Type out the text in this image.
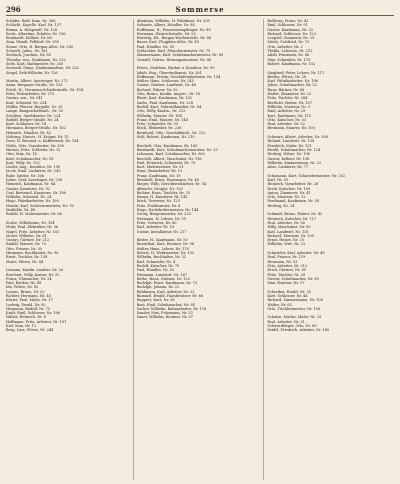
296	Sommerse
Schäfer, Reiß. Kam. Nr. 266
Schlicht, Kapelle. Karl. Nr. 137
Emma, A. Hohpendl. Nr. 128
Seele, Albertine, Eckdstr. Nr. 136
Reinhardt, Kellner, Nr. 68
Sinn, Wendt. Pelldorf. Nr. 189
Sonne, Otto, H. Bergau-Allee. Nr. 280
Schroth, Julius, Nr. 161
Seebach, Joachim, Nr. 80
Theodor, sen., Kaufmann, Nr. 232
Seile, Karl, Maßmeister, Nr. 250
Seewald, Marg., Kaufmannsfrau, Nr. 232
Siegel, Erik-Wilhelm, Nr. 126
Martin, Albert, Aussteiger, Nr. 272
Anna, Bergauer Straße, Nr. 155
Fröch, H., Hermann-Schiefestraße. Nr. 154
Fritz, Holzarbeiter, Nr. 273
Gustav, sen., Nr. 241
Karl, Schmied, Nr. 234
Müller, Pfarrer, Bergalle, Nr. 25
Lange, Baugeschäftsinh., Nr. 53
Schultze, Spedikateur, Nr. 224
Rudolf, Berger-Straße, Nr. 24
Kurt, Schlosser, Nr. 18
Hermann, Berger-Straße, Nr. 162
Heinrich, Händler, Nr. 42
Nehring, Haustr., H. Kröger, Nr. 15
Dora, H. Brennst. u. Kaffeewerk. Nr. 184
Nehls, Otto, Vorarbeiter, Nr. 300
Werner, Fritz, Schleifer, Nr. 12
Otto, Max, Nr. 16
Kurt, Schuhmacher, Nr. 58
Karl, Willy, Nr. 120
Lieder, Aug., Konditor, Nr. 190
Jacob, Emil, Lackierer, Nr. 143
Ruhr, Sattler, Nr. 166
Julius, Graf, Aussteiger, Nr. 256
Heinrich, Kaufmann, Nr. 84
Gustav, Kassierer, Nr. 92
Carl, Bertrand, Kassierer, Nr. 180
Wilhelm, Schmied, Nr. 24
Hugo, Fabrikarbeiter, Nr. 190
Martin, Karl, Schlossermeister, Nr. 76
Mathilde, Nr. 48
Rudolf, H. Malermeister, Nr. 66
Stolze, Wilhelmine, Nr. 154
Mohr, Paul, Elektriker, Nr. 36
Nagel, Fritz, Arbeiter, Nr. 103
Moser, Wilhelm, Nr. 61
Gustav, Gärtner, Nr. 212
Rudolf, Maurer, Nr. 70
Otto, Friseur, Nr. 30
Hermann, Buchbinder, Nr. 96
Ernst, Tischler, Nr. 138
Marie, Witwe, Nr. 84
Lemann, Kaufm. Landstr. Nr. 26
Borchert, Willy, Kantor, Nr. 92
Franz, Uhrmacher, Nr. 24
Paul, Bäcker, Nr. 49
Ida, Witwe, Nr. 82
Lorenz, Bruno, Nr. 52
Richter, Hermann, Nr. 45
Küster, Paul, Maler, Nr. 17
Ludwig, Ewald, Nr. 82
Heymann, Rudolf, Nr. 75
Kraft, Emil, Schlosser, Nr. 196
Walter, Heinrich, Nr. 8
Hoffmann, Fritz, Arbeiter, Nr. 101
Kiel, Max, Nr. 12
Berg, Lina, Witwe, Nr. 244
Abraham, Wilhelm, H. Fabrikant. Nr. 209
Schwarz, Albert, Händler, Nr. 88
Hoffmann, H., Pensionsempfänger. Nr. 88
Hermann, Heinrichstraße, Nr. 55
Hartwig, Ed., Bergau-Wachtstraße. Nr. 88
Bauer, Karl, Flugplatz-Allee, Nr. 43
Paul, Händler, Nr. 30
Schlachter, Karl, Fleischermeister. Nr. 79
Zimmermann, Karl, Schuhmachermeister. Nr. 89
Oswald, Ostrau, Heizungsmonteur. Nr. 86
Peters, Matthias, Bäcker u. Konditor. Nr. 99
Jakob, Eug., Oberstudienrat, Nr. 281
Hoffmann, Frieda, Geschäftsinhaberin. Nr. 154
Walter, Hans, Schlosser, Nr. 245
Gustav, Gärtner, Landwirt, Nr. 48
Richard, Fahrer, Nr. 62
Otto, Bruno, Kaufm. Angest., Nr. 16
Ebert, Karl, Kaufmann, Nr. 152
Sachs, Paul, Kaufmann, Nr. 228
Rudolf, Kurt, Fahrradhändler, Nr. 84
Otto, Willy, Kaufm., Nr. 212
Wilhelm, Maurer, Nr. 184
Franz, Emil, Maurer, Nr. 148
Fritz, Schneider, Nr. 15
Erich, Elektriker, Nr. 238
Bernhard, Otto, Geschäftsinh., Nr. 222
Wolf, Robert, Kaufmann, Nr. 210
Reichelt, Otto, Kaufmann, Nr. 165
Reinhardt, Kurt, Schuhmachermeister, Nr. 23
Lehmann, Karl, Schuhmacher, Nr. 300
Reichelt, Albert, Maschinist, Nr. 116
Paul, Heinrich, Schneider, Nr. 79
Kurt, Malermeister, Nr. 51
Hans, Bauarbeiter, Nr. 13
Franz, Kaufmann, Nr. 19
Reinhold, Ernst, Hausmann, Nr. 48
Rieger, Willy, Gerichtsvollzieher, Nr. 54
Albrecht, Drogist, Nr. 120
Richter, Hans, Tischler, Nr. 25
Emma, H. Kassierer, Nr. 145
Erich, Vertreter, Nr. 123
Fritz, Postbeamter, Nr. 8
Hugo, Dachdeckermeister, Nr. 144
Georg, Bürgermeister, Nr. 225
Hermann, H. Lehrer, Nr. 59
Fritz, Vertreter, Nr. 60
Karl, Arbeiter, Nr. 18
Gustav, Installateur, Nr. 217
Rösler, H., Kaufmann, Nr. 50
Rosenthal, Kurt, Rentner, Nr. 98
Walter, Hans, Lehrer, Nr. 178
Robert, H. Werkmeister, Nr. 103
Wilhelm, Buchhalter, Nr. 32
Karl, Schneider, Nr. 4
Rudolf, Kutscher, Nr. 70
Paul, Händler, Nr. 33
Hermann, Landwirt, Nr. 167
Rothe, Hans, Gärtner, Nr. 122
Rudolph, Ernst, Kaufmann, Nr. 73
Rudolph, Johann, Nr. 22
Rühlmann, Karl, Arbeiter, Nr. 22
Rummel, Ewald, Hausbesitzer, Nr. 66
Ruppert, Kurt, Nr. 38
Rust, Emil, Schuhmacher, Nr. 94
Sacher, Wilhelm, Bahnarbeiter, Nr. 116
Sander, Max, Fuhrmann, Nr. 52
Sauer, Wilhelm, Rentner, Nr. 97
Roßberg, Franz, Nr. 42
Emil, Schlosser, Nr. 91
Gustav, Kaufmann, Nr. 33
Richard, Schlosser, Nr. 123
Leopold, Zimmerer, Nr. 20
Mieth, Gottfried, Nr. 73
Otto, Arbeiter, Nr. 2
Thekla, Lehrerin, Nr. 212
Adolf, Pensionär, Nr. 88
Max, Schneider, Nr. 119
Robert, Kaufmann, Nr. 152
Siegfried, Peter, Lehrer, Nr. 111
Bertha, Witwe, Nr. 28
Karl, Fabrikarbeiter, Nr. 196
Julius, Schuhmacher, Nr. 52
Hans, Bäcker, Nr. 68
Walter, Zimmerer, Nr. 22
Fritz, Tischler, Nr. 284
Berthold, Heizer, Nr. 107
Wilhelm, Monteur, Nr. 5
Emil, Arbeiter, Nr. 29
Kurt, Kaufmann, Nr. 110
Otto, Kutscher, Nr. 53
Paul, Arbeiter, Nr. 52
Hermann, Maurer, Nr. 100
Schwarz, Albert, Arbeiter, Nr. 300
Helmut, Landwirt, Nr. 128
Friedrich, Maler, Nr. 121
Ewald, Schuhmacher, Nr. 124
Hedwig, Witwe, Nr. 196
Gustav, Kellner, Nr. 138
Wilhelm, Zimmermann, Nr. 22
Alois, Lackierer, Nr. 77
Schumann, Kurt, Schneidermeister, Nr. 202
Karl, Nr. 55
Heinrich, Vorarbeiter, Nr. 26
Erich, Kutscher, Nr. 109
Anton, Zimmerer, Nr. 41
Otto, Monteur, Nr. 12
Ferdinand, Kaufmann, Nr. 59
Hedwig, Nr. 24
Schmidt, Bruno, Fahrer, Nr. 42
Heinrich, Kutscher, Nr. 117
Paul, Arbeiter, Nr. 56
Willy, Maschinist, Nr. 80
Karl, Landwirt, Nr. 135
Richard, Monteur, Nr. 109
Ernst, Heizer, Nr. 25
Wilhelm, Wirt, Nr. 23
Schneider, Karl, Arbeiter, Nr. 48
Paul, Friseur, Nr. 119
Hermann, Nr. 53
Otto, Arbeiter, Nr. 212
Erich, Gärtner, Nr. 89
Fritz, Tischler, Nr. 28
Gustav, Schuhmacher, Nr. 89
Max, Rentner, Nr. 37
Schreiber, Ewald, Nr. 35
Kurt, Schlosser, Nr. 44
Richard, Zimmermann, Nr. 108
Walter, Nr. 63
Otto, Tischlermeister, Nr. 108
Schulze, Martin, Maler, Nr. 29
Paul, Arbeiter, Nr. 21
Schwerdtfeger, Otto, Nr. 69
Seidel, Friedrich, Arbeiter, Nr. 180
